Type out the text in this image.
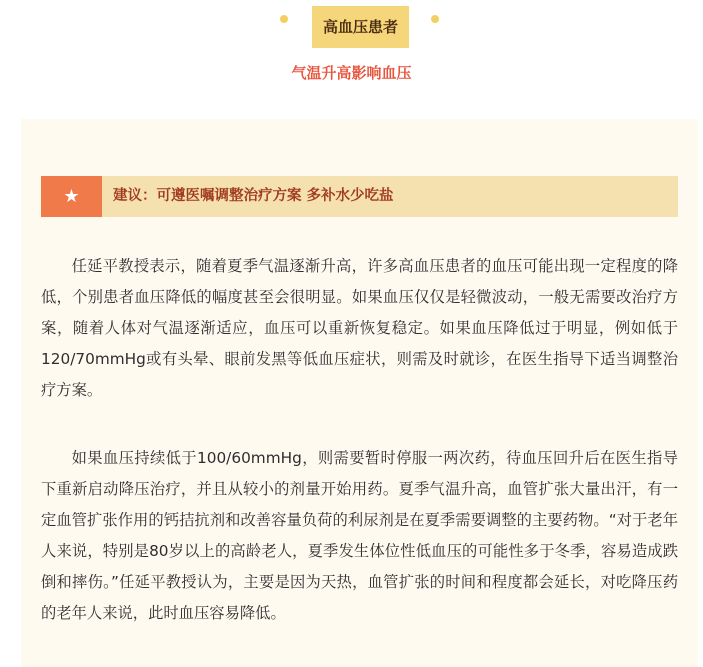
高血压患者
气温升高影响血压
★	建议：可遵医嘱调整治疗方案 多补水少吃盐

任延平教授表示，随着夏季气温逐渐升高，许多高血压患者的血压可能出现一定程度的降低，个别患者血压降低的幅度甚至会很明显。如果血压仅仅是轻微波动，一般无需要改治疗方案，随着人体对气温逐渐适应，血压可以重新恢复稳定。如果血压降低过于明显，例如低于120/70mmHg或有头晕、眼前发黑等低血压症状，则需及时就诊，在医生指导下适当调整治疗方案。

如果血压持续低于100/60mmHg，则需要暂时停服一两次药，待血压回升后在医生指导下重新启动降压治疗，并且从较小的剂量开始用药。夏季气温升高，血管扩张大量出汗，有一定血管扩张作用的钙拮抗剂和改善容量负荷的利尿剂是在夏季需要调整的主要药物。“对于老年人来说，特别是80岁以上的高龄老人，夏季发生体位性低血压的可能性多于冬季，容易造成跌倒和摔伤。”任延平教授认为，主要是因为天热，血管扩张的时间和程度都会延长，对吃降压药的老年人来说，此时血压容易降低。
